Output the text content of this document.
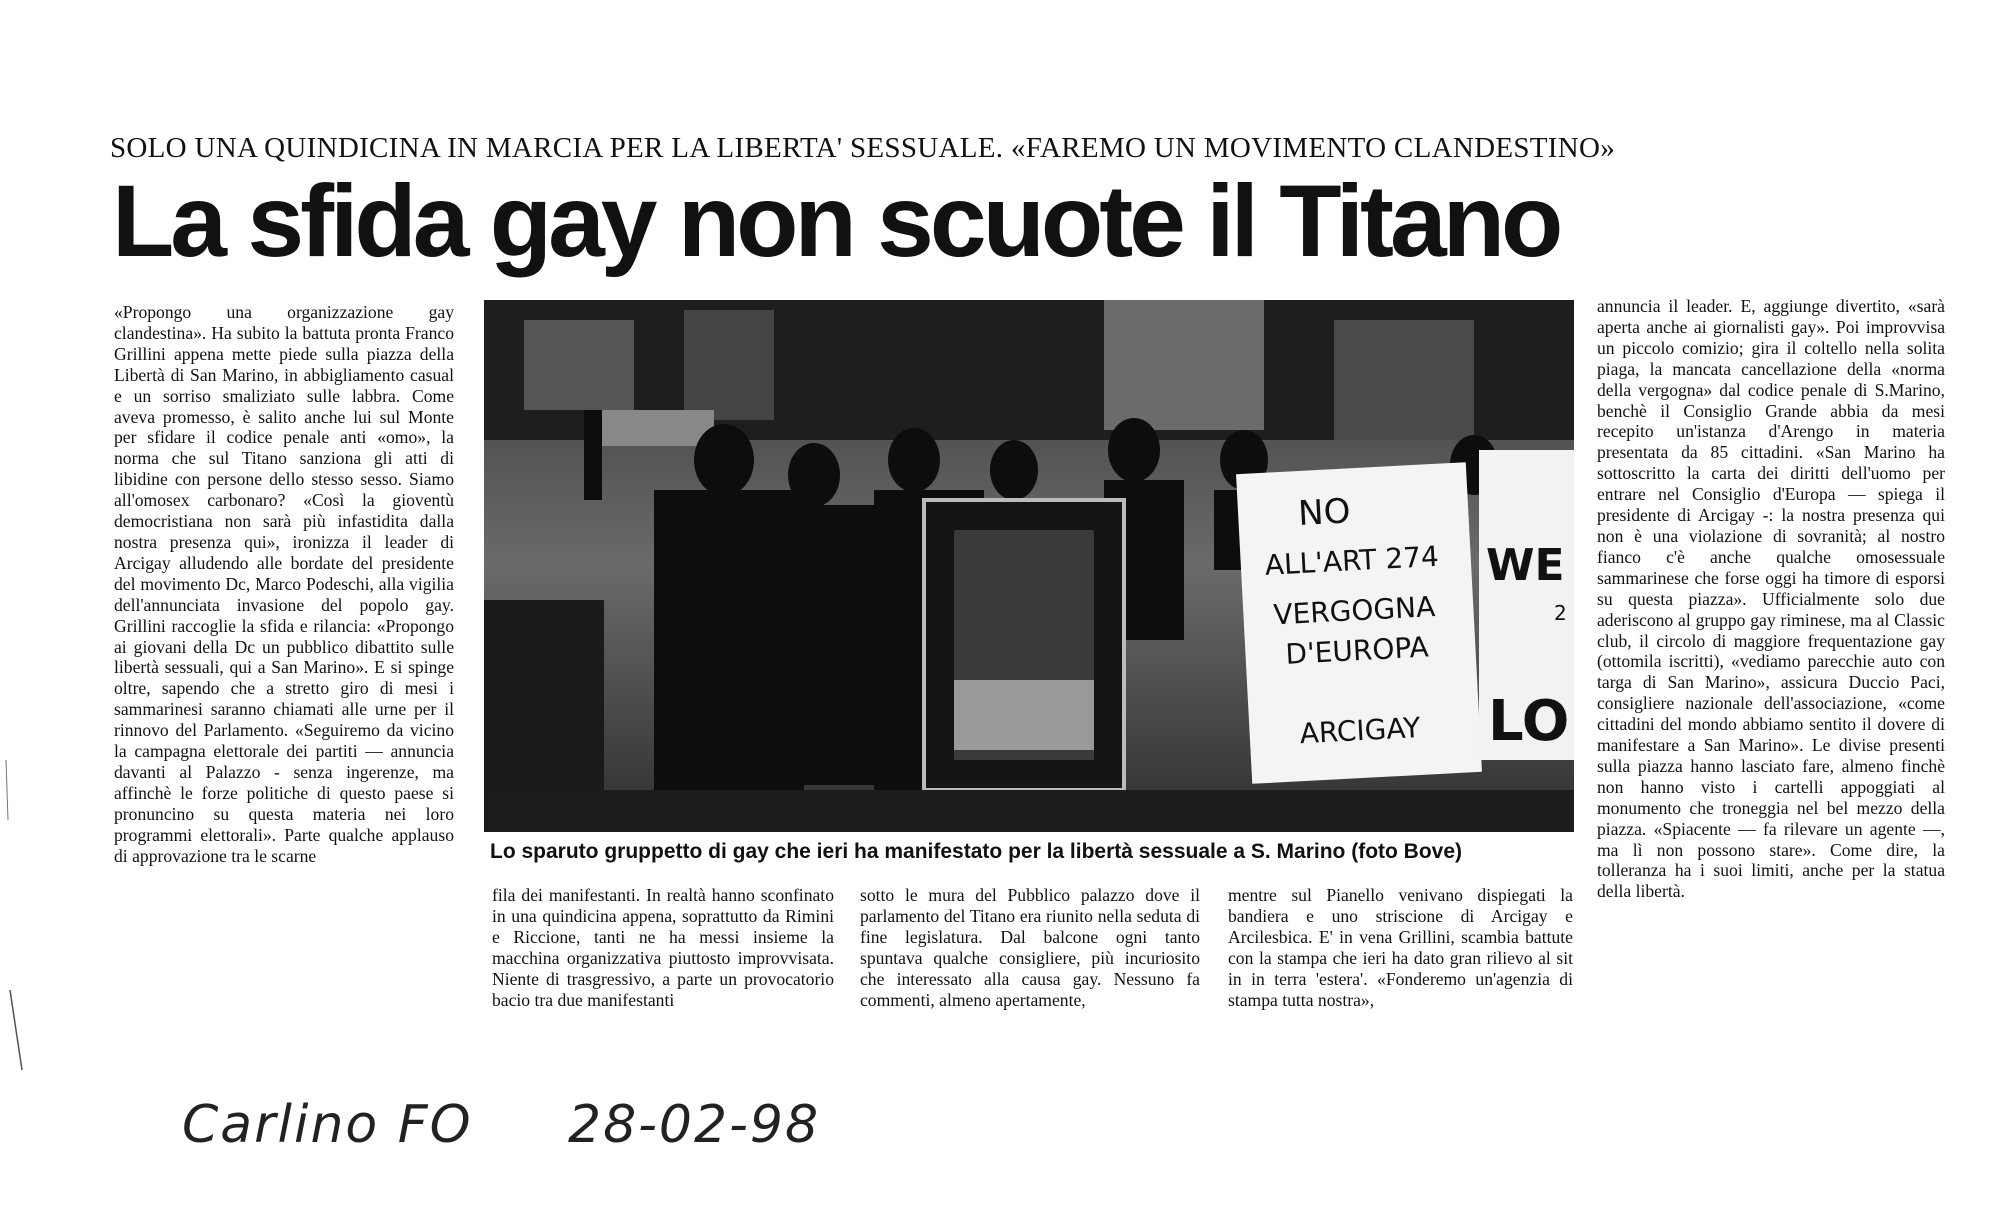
SOLO UNA QUINDICINA IN MARCIA PER LA LIBERTA' SESSUALE. «FAREMO UN MOVIMENTO CLANDESTINO»
La sfida gay non scuote il Titano
«Propongo una organizzazione gay clandestina». Ha subito la battuta pronta Franco Grillini appena mette piede sulla piazza della Libertà di San Marino, in abbigliamento casual e un sorriso smaliziato sulle labbra. Come aveva promesso, è salito anche lui sul Monte per sfidare il codice penale anti «omo», la norma che sul Titano sanziona gli atti di libidine con persone dello stesso sesso. Siamo all'omosex carbonaro? «Così la gioventù democristiana non sarà più infastidita dalla nostra presenza qui», ironizza il leader di Arcigay alludendo alle bordate del presidente del movimento Dc, Marco Podeschi, alla vigilia dell'annunciata invasione del popolo gay. Grillini raccoglie la sfida e rilancia: «Propongo ai giovani della Dc un pubblico dibattito sulle libertà sessuali, qui a San Marino». E si spinge oltre, sapendo che a stretto giro di mesi i sammarinesi saranno chiamati alle urne per il rinnovo del Parlamento. «Seguiremo da vicino la campagna elettorale dei partiti — annuncia davanti al Palazzo - senza ingerenze, ma affinchè le forze politiche di questo paese si pronuncino su questa materia nei loro programmi elettorali». Parte qualche applauso di approvazione tra le scarne
NO
ALL'ART 274
VERGOGNA
D'EUROPA
ARCIGAY
WE
2
LO
Lo sparuto gruppetto di gay che ieri ha manifestato per la libertà sessuale a S. Marino (foto Bove)
fila dei manifestanti. In realtà hanno sconfinato in una quindicina appena, soprattutto da Rimini e Riccione, tanti ne ha messi insieme la macchina organizzativa piuttosto improvvisata. Niente di trasgressivo, a parte un provocatorio bacio tra due manifestanti
sotto le mura del Pubblico palazzo dove il parlamento del Titano era riunito nella seduta di fine legislatura. Dal balcone ogni tanto spuntava qualche consigliere, più incuriosito che interessato alla causa gay. Nessuno fa commenti, almeno apertamente,
mentre sul Pianello venivano dispiegati la bandiera e uno striscione di Arcigay e Arcilesbica. E' in vena Grillini, scambia battute con la stampa che ieri ha dato gran rilievo al sit in in terra 'estera'. «Fonderemo un'agenzia di stampa tutta nostra»,
annuncia il leader. E, aggiunge divertito, «sarà aperta anche ai giornalisti gay». Poi improvvisa un piccolo comizio; gira il coltello nella solita piaga, la mancata cancellazione della «norma della vergogna» dal codice penale di S.Marino, benchè il Consiglio Grande abbia da mesi recepito un'istanza d'Arengo in materia presentata da 85 cittadini. «San Marino ha sottoscritto la carta dei diritti dell'uomo per entrare nel Consiglio d'Europa — spiega il presidente di Arcigay -: la nostra presenza qui non è una violazione di sovranità; al nostro fianco c'è anche qualche omosessuale sammarinese che forse oggi ha timore di esporsi su questa piazza». Ufficialmente solo due aderiscono al gruppo gay riminese, ma al Classic club, il circolo di maggiore frequentazione gay (ottomila iscritti), «vediamo parecchie auto con targa di San Marino», assicura Duccio Paci, consigliere nazionale dell'associazione, «come cittadini del mondo abbiamo sentito il dovere di manifestare a San Marino». Le divise presenti sulla piazza hanno lasciato fare, almeno finchè non hanno visto i cartelli appoggiati al monumento che troneggia nel bel mezzo della piazza. «Spiacente — fa rilevare un agente —, ma lì non possono stare». Come dire, la tolleranza ha i suoi limiti, anche per la statua della libertà.
Carlino FO 28-02-98
